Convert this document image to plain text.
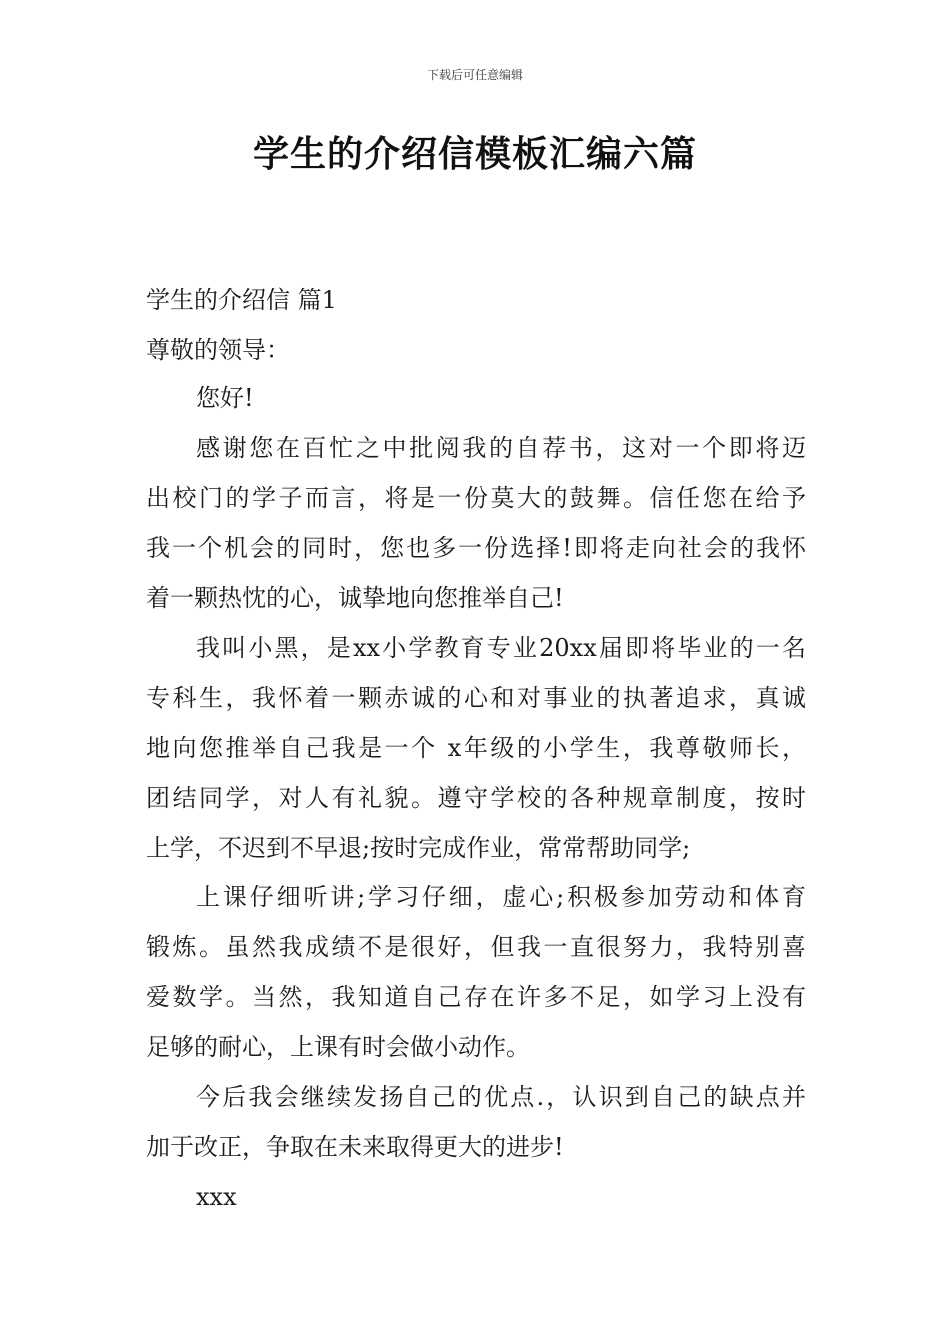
下载后可任意编辑
学生的介绍信模板汇编六篇
学生的介绍信 篇1
尊敬的领导：
您好!
感谢您在百忙之中批阅我的自荐书，这对一个即将迈
出校门的学子而言，将是一份莫大的鼓舞。信任您在给予
我一个机会的同时，您也多一份选择!即将走向社会的我怀
着一颗热忱的心，诚挚地向您推举自己!
我叫小黑，是xx小学教育专业20xx届即将毕业的一名
专科生，我怀着一颗赤诚的心和对事业的执著追求，真诚
地向您推举自己我是一个 x年级的小学生，我尊敬师长，
团结同学，对人有礼貌。遵守学校的各种规章制度，按时
上学，不迟到不早退;按时完成作业，常常帮助同学;
上课仔细听讲;学习仔细，虚心;积极参加劳动和体育
锻炼。虽然我成绩不是很好，但我一直很努力，我特别喜
爱数学。当然，我知道自己存在许多不足，如学习上没有
足够的耐心，上课有时会做小动作。
今后我会继续发扬自己的优点.，认识到自己的缺点并
加于改正，争取在未来取得更大的进步!
xxx
